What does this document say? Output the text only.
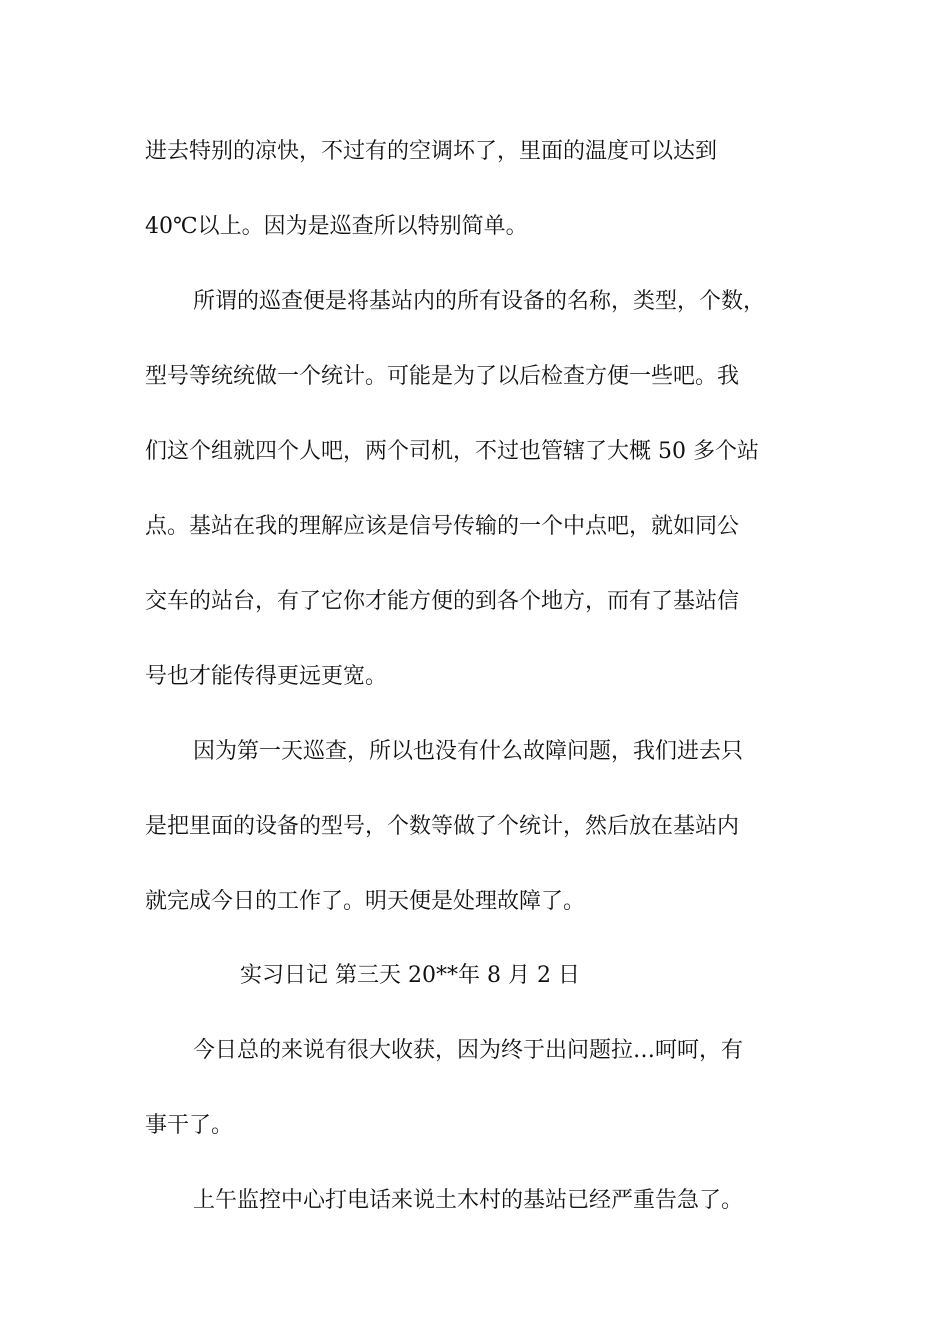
进去特别的凉快，不过有的空调坏了，里面的温度可以达到

40℃以上。因为是巡查所以特别简单。

所谓的巡查便是将基站内的所有设备的名称，类型，个数，

型号等统统做一个统计。可能是为了以后检查方便一些吧。我

们这个组就四个人吧，两个司机，不过也管辖了大概 50 多个站

点。基站在我的理解应该是信号传输的一个中点吧，就如同公

交车的站台，有了它你才能方便的到各个地方，而有了基站信

号也才能传得更远更宽。

因为第一天巡查，所以也没有什么故障问题，我们进去只

是把里面的设备的型号，个数等做了个统计，然后放在基站内

就完成今日的工作了。明天便是处理故障了。

实习日记 第三天 20**年 8 月 2 日

今日总的来说有很大收获，因为终于出问题拉…呵呵，有

事干了。

上午监控中心打电话来说土木村的基站已经严重告急了。
